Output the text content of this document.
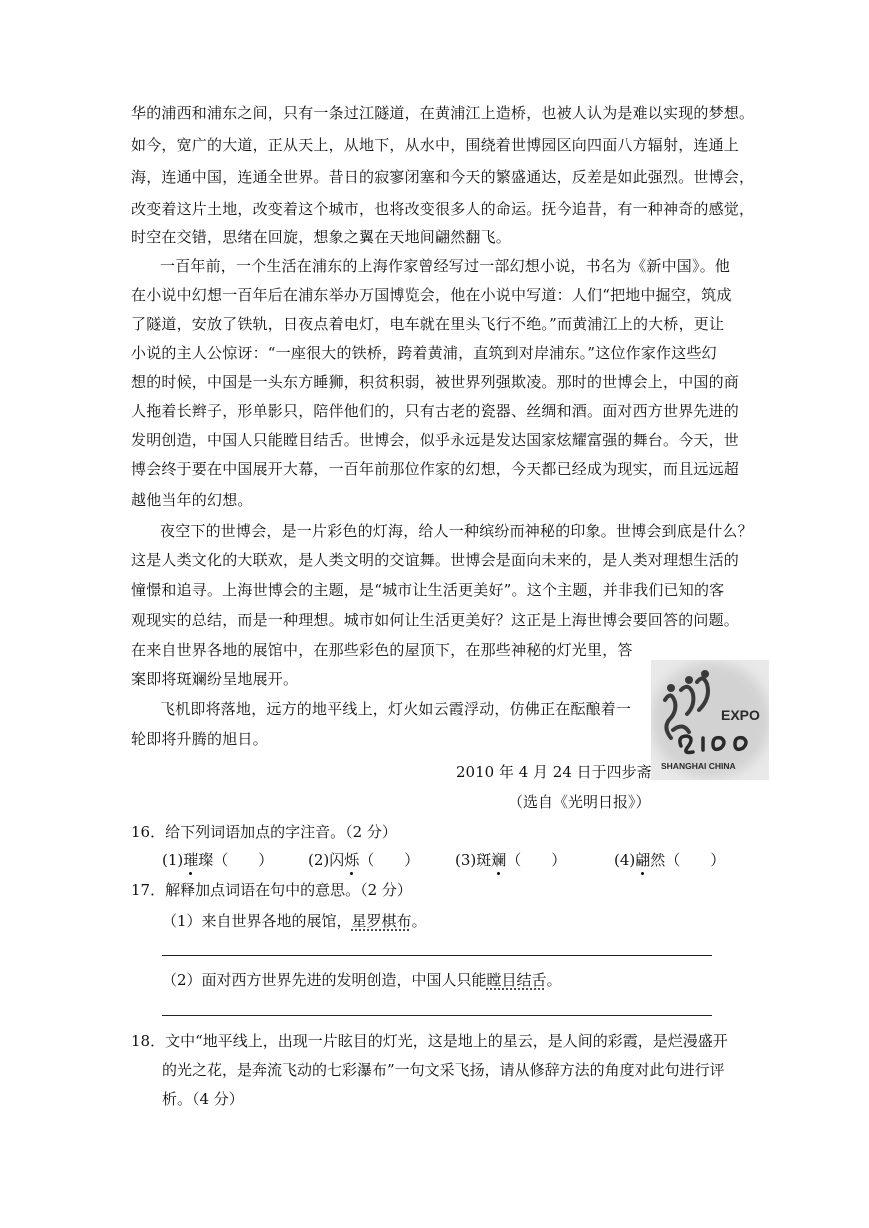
华的浦西和浦东之间，只有一条过江隧道，在黄浦江上造桥，也被人认为是难以实现的梦想。
如今，宽广的大道，正从天上，从地下，从水中，围绕着世博园区向四面八方辐射，连通上
海，连通中国，连通全世界。昔日的寂寥闭塞和今天的繁盛通达，反差是如此强烈。世博会，
改变着这片土地，改变着这个城市，也将改变很多人的命运。抚今追昔，有一种神奇的感觉，
时空在交错，思绪在回旋，想象之翼在天地间翩然翻飞。
一百年前，一个生活在浦东的上海作家曾经写过一部幻想小说，书名为《新中国》。他
在小说中幻想一百年后在浦东举办万国博览会，他在小说中写道：人们“把地中掘空，筑成
了隧道，安放了铁轨，日夜点着电灯，电车就在里头飞行不绝。”而黄浦江上的大桥，更让
小说的主人公惊讶：“一座很大的铁桥，跨着黄浦，直筑到对岸浦东。”这位作家作这些幻
想的时候，中国是一头东方睡狮，积贫积弱，被世界列强欺凌。那时的世博会上，中国的商
人拖着长辫子，形单影只，陪伴他们的，只有古老的瓷器、丝绸和酒。面对西方世界先进的
发明创造，中国人只能瞠目结舌。世博会，似乎永远是发达国家炫耀富强的舞台。今天，世
博会终于要在中国展开大幕，一百年前那位作家的幻想，今天都已经成为现实，而且远远超
越他当年的幻想。
夜空下的世博会，是一片彩色的灯海，给人一种缤纷而神秘的印象。世博会到底是什么？
这是人类文化的大联欢，是人类文明的交谊舞。世博会是面向未来的，是人类对理想生活的
憧憬和追寻。上海世博会的主题，是“城市让生活更美好”。这个主题，并非我们已知的客
观现实的总结，而是一种理想。城市如何让生活更美好？这正是上海世博会要回答的问题。
在来自世界各地的展馆中，在那些彩色的屋顶下，在那些神秘的灯光里，答
案即将斑斓纷呈地展开。
飞机即将落地，远方的地平线上，灯火如云霞浮动，仿佛正在酝酿着一
轮即将升腾的旭日。
EXPO
SHANGHAI CHINA
2010 年 4 月 24 日于四步斋
（选自《光明日报》）
16．给下列词语加点的字注音。（2 分）
(1)璀璨（　　） (2)闪烁（　　） (3)斑斓（　　）	(4)翩然（　　）
17．解释加点词语在句中的意思。（2 分）
（1）来自世界各地的展馆，星罗棋布。
（2）面对西方世界先进的发明创造，中国人只能瞠目结舌。
18．文中“地平线上，出现一片眩目的灯光，这是地上的星云，是人间的彩霞，是烂漫盛开
的光之花，是奔流飞动的七彩瀑布”一句文采飞扬，请从修辞方法的角度对此句进行评
析。（4 分）
